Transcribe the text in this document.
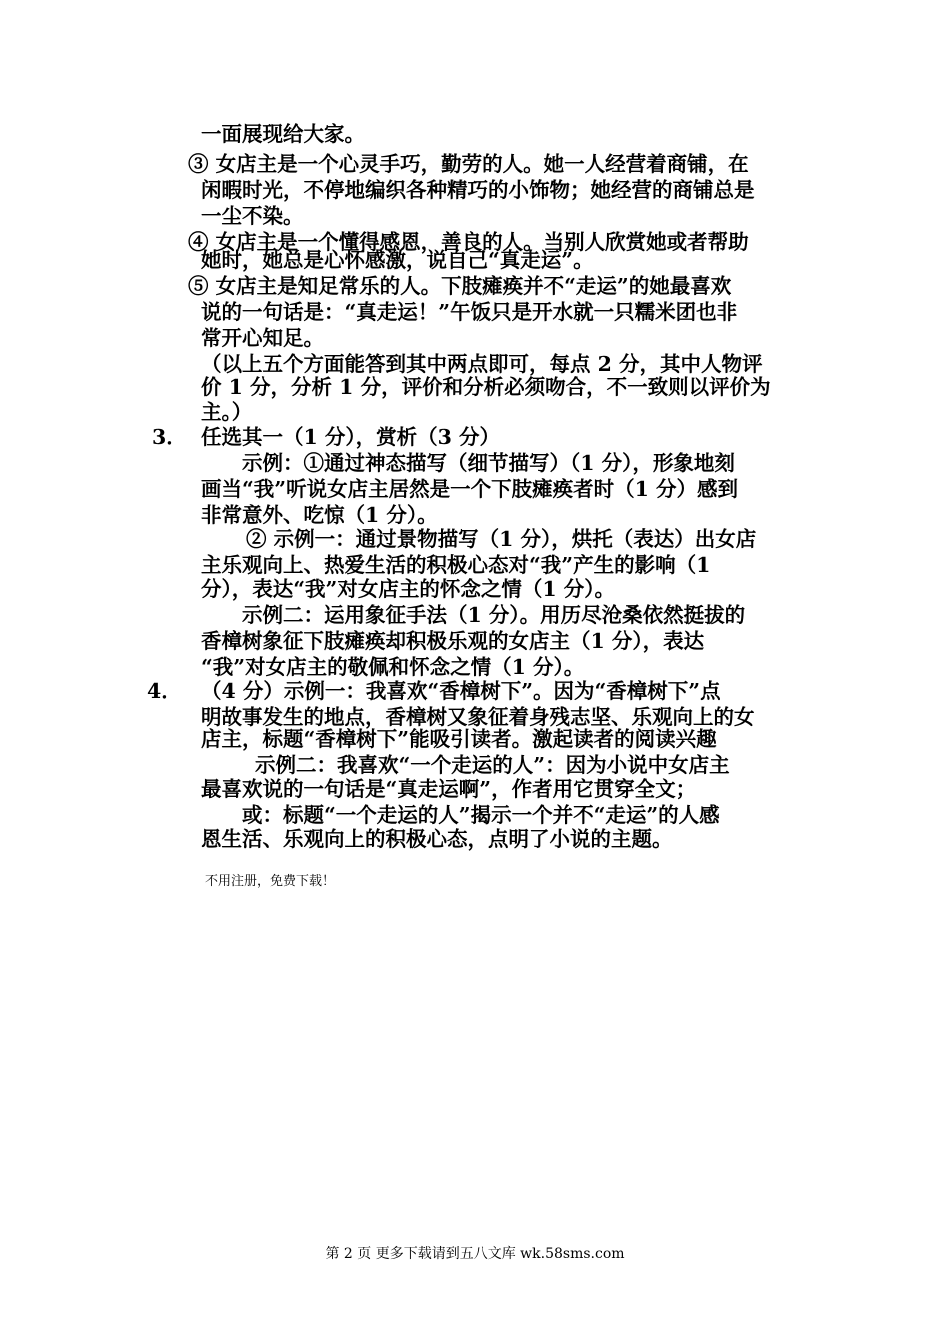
一面展现给大家。
③ 女店主是一个心灵手巧，勤劳的人。她一人经营着商铺，在
闲暇时光，不停地编织各种精巧的小饰物；她经营的商铺总是
一尘不染。
④ 女店主是一个懂得感恩，善良的人。当别人欣赏她或者帮助
她时，她总是心怀感激，说自己“真走运”。
⑤ 女店主是知足常乐的人。下肢瘫痪并不“走运”的她最喜欢
说的一句话是：“真走运！”午饭只是开水就一只糯米团也非
常开心知足。
（以上五个方面能答到其中两点即可，每点 2 分，其中人物评
价 1 分，分析 1 分，评价和分析必须吻合，不一致则以评价为
主。）
3． 任选其一（1 分），赏析（3 分）
示例：①通过神态描写（细节描写）（1 分），形象地刻
画当“我”听说女店主居然是一个下肢瘫痪者时（1 分）感到
非常意外、吃惊（1 分）。
② 示例一：通过景物描写（1 分），烘托（表达）出女店
主乐观向上、热爱生活的积极心态对“我”产生的影响（1
分），表达“我”对女店主的怀念之情（1 分）。
示例二：运用象征手法（1 分）。用历尽沧桑依然挺拔的
香樟树象征下肢瘫痪却积极乐观的女店主（1 分），表达
“我”对女店主的敬佩和怀念之情（1 分）。
4． （4 分）示例一：我喜欢“香樟树下”。因为“香樟树下”点
明故事发生的地点，香樟树又象征着身残志坚、乐观向上的女
店主，标题“香樟树下”能吸引读者。激起读者的阅读兴趣
示例二：我喜欢“一个走运的人”：因为小说中女店主
最喜欢说的一句话是“真走运啊”，作者用它贯穿全文；
或：标题“一个走运的人”揭示一个并不“走运”的人感
恩生活、乐观向上的积极心态，点明了小说的主题。
不用注册，免费下载！
第 2 页 更多下载请到五八文库 wk.58sms.com
